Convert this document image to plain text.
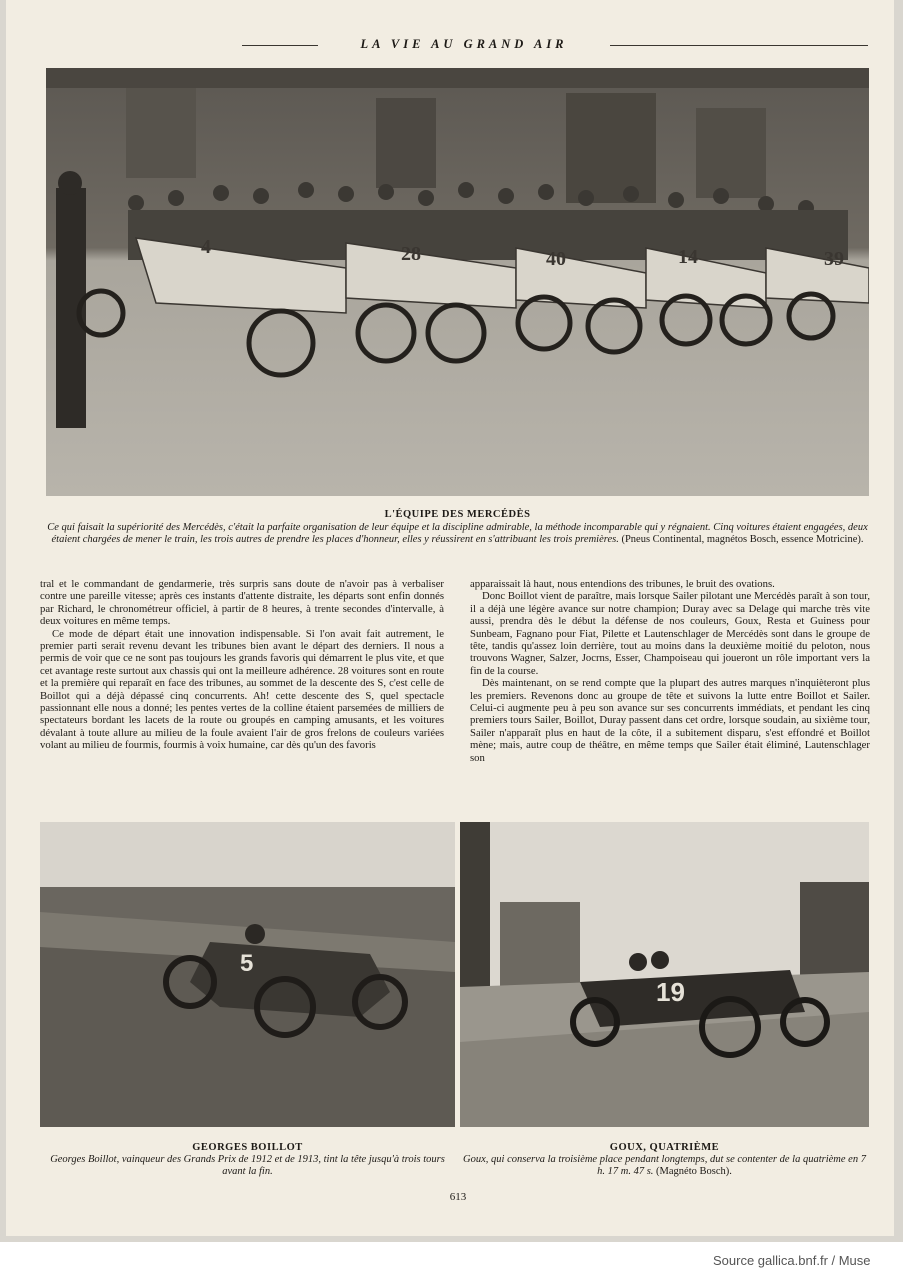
LA VIE AU GRAND AIR
4	28	40	14	39
L'ÉQUIPE DES MERCÉDÈS
Ce qui faisait la supériorité des Mercédès, c'était la parfaite organisation de leur équipe et la discipline admirable, la méthode incomparable qui y régnaient. Cinq voitures étaient engagées, deux étaient chargées de mener le train, les trois autres de prendre les places d'honneur, elles y réussirent en s'attribuant les trois premières. (Pneus Continental, magnétos Bosch, essence Motricine).

tral et le commandant de gendarmerie, très surpris sans doute de n'avoir pas à verbaliser contre une pareille vitesse; après ces instants d'attente distraite, les départs sont enfin donnés par Richard, le chronométreur officiel, à partir de 8 heures, à trente secondes d'intervalle, à deux voitures en même temps.

Ce mode de départ était une innovation indispensable. Si l'on avait fait autrement, le premier parti serait revenu devant les tribunes bien avant le départ des derniers. Il nous a permis de voir que ce ne sont pas toujours les grands favoris qui démarrent le plus vite, et que cet avantage reste surtout aux chassis qui ont la meilleure adhérence. 28 voitures sont en route et la première qui reparaît en face des tribunes, au sommet de la descente des S, c'est celle de Boillot qui a déjà dépassé cinq concurrents. Ah! cette descente des S, quel spectacle passionnant elle nous a donné; les pentes vertes de la colline étaient parsemées de milliers de spectateurs bordant les lacets de la route ou groupés en camping amusants, et les voitures dévalant à toute allure au milieu de la foule avaient l'air de gros frelons de couleurs variées volant au milieu de fourmis, fourmis à voix humaine, car dès qu'un des favoris

apparaissait là haut, nous entendions des tribunes, le bruit des ovations.

Donc Boillot vient de paraître, mais lorsque Sailer pilotant une Mercédès paraît à son tour, il a déjà une légère avance sur notre champion; Duray avec sa Delage qui marche très vite aussi, prendra dès le début la défense de nos couleurs, Goux, Resta et Guiness pour Sunbeam, Fagnano pour Fiat, Pilette et Lautenschlager de Mercédès sont dans le groupe de tête, tandis qu'assez loin derrière, tout au moins dans la deuxième moitié du peloton, nous trouvons Wagner, Salzer, Jocrns, Esser, Champoiseau qui joueront un rôle important vers la fin de la course.

Dès maintenant, on se rend compte que la plupart des autres marques n'inquièteront plus les premiers. Revenons donc au groupe de tête et suivons la lutte entre Boillot et Sailer. Celui-ci augmente peu à peu son avance sur ses concurrents immédiats, et pendant les cinq premiers tours Sailer, Boillot, Duray passent dans cet ordre, lorsque soudain, au sixième tour, Sailer n'apparaît plus en haut de la côte, il a subitement disparu, s'est effondré et Boillot mène; mais, autre coup de théâtre, en même temps que Sailer était éliminé, Lautenschlager son

5
GEORGES BOILLOT
Georges Boillot, vainqueur des Grands Prix de 1912 et de 1913, tint la tête jusqu'à trois tours avant la fin.
19
GOUX, QUATRIÈME
Goux, qui conserva la troisième place pendant longtemps, dut se contenter de la quatrième en 7 h. 17 m. 47 s. (Magnéto Bosch).
613
Source gallica.bnf.fr / Muse
